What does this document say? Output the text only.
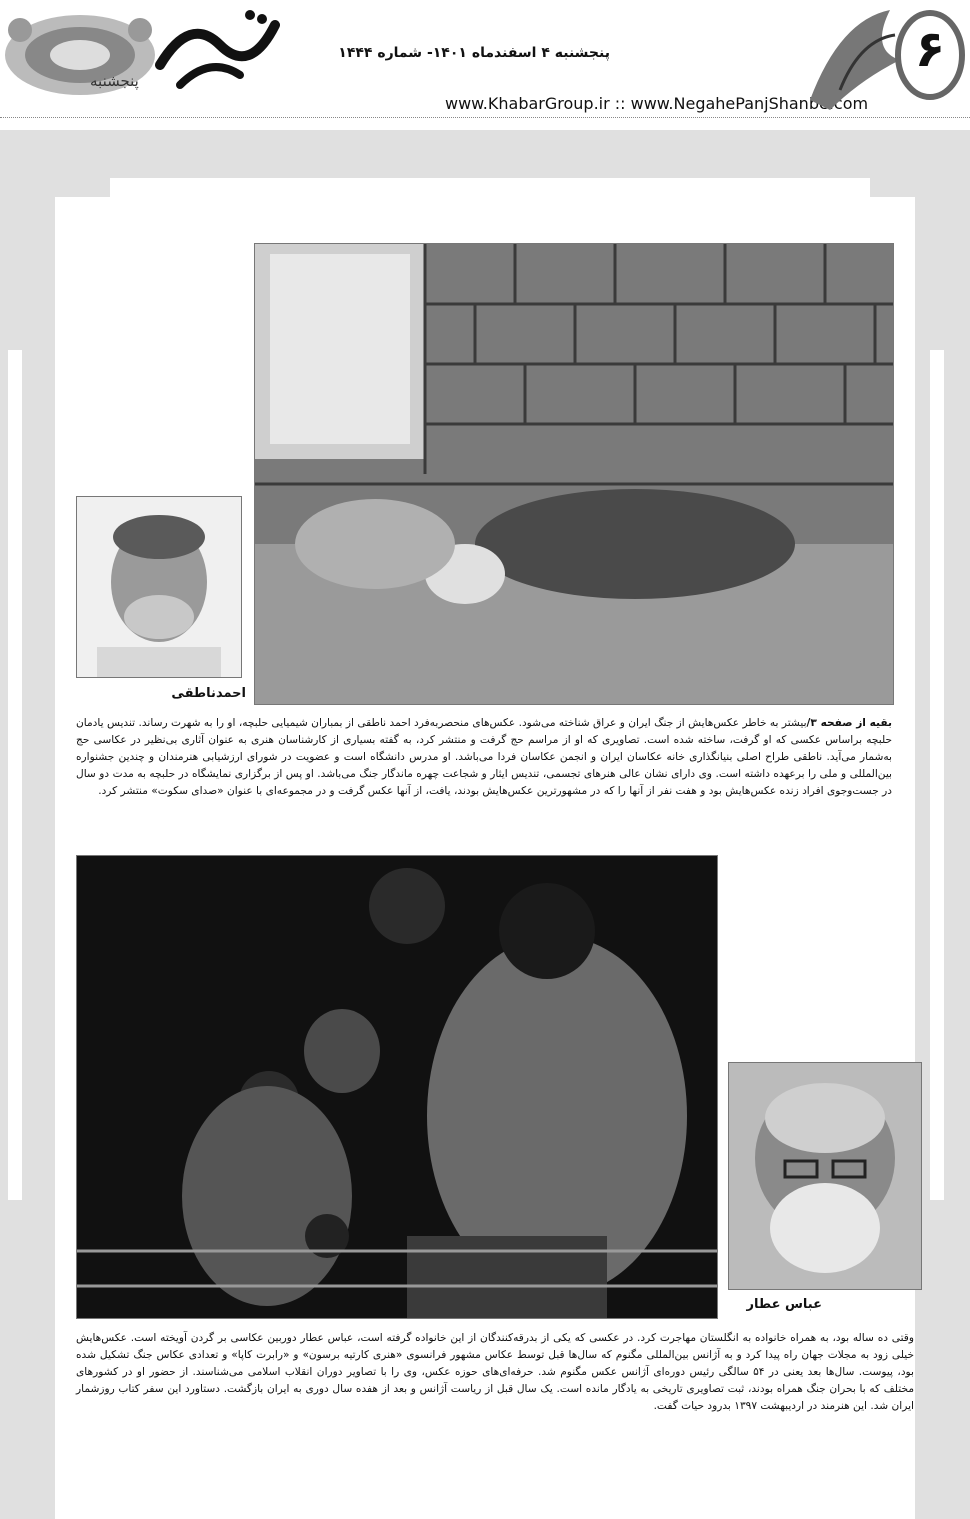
پنجشنبه
پنجشنبه ۴ اسفندماه ۱۴۰۱- شماره ۱۴۴۴
www.KhabarGroup.ir :: www.NegahePanjShanbe.com
۶
احمدناطقی
بقیه از صفحه ۳/بیشتر به خاطر عکس‌هایش از جنگ ایران و عراق شناخته می‌شود. عکس‌های منحصربه‌فرد احمد ناطقی از بمباران شیمیایی حلبچه، او را به شهرت رساند. تندیس یادمان حلبچه براساس عکسی که او گرفت، ساخته شده است. تصاویری که او از مراسم حج گرفت و منتشر کرد، به گفته بسیاری از کارشناسان هنری به عنوان آثاری بی‌نظیر در عکاسی حج به‌شمار می‌آید. ناطقی طراح اصلی بنیانگذاری خانه عکاسان ایران و انجمن عکاسان فردا می‌باشد. او مدرس دانشگاه است و عضویت در شورای ارزشیابی هنرمندان و چندین جشنواره بین‌المللی و ملی را برعهده داشته است. وی دارای نشان عالی هنرهای تجسمی، تندیس ایثار و شجاعت چهره ماندگار جنگ می‌باشد. او پس از برگزاری نمایشگاه در حلبچه به مدت دو سال در جست‌وجوی افراد زنده عکس‌هایش بود و هفت نفر از آنها را که در مشهورترین عکس‌هایش بودند، یافت، از آنها عکس گرفت و در مجموعه‌ای با عنوان «صدای سکوت» منتشر کرد.
عباس عطار
وقتی ده ساله بود، به همراه خانواده به انگلستان مهاجرت کرد. در عکسی که یکی از بدرقه‌کنندگان از این خانواده گرفته است، عباس عطار دوربین عکاسی بر گردن آویخته است. عکس‌هایش خیلی زود به مجلات جهان راه پیدا کرد و به آژانس بین‌المللی مگنوم که سال‌ها قبل توسط عکاس مشهور فرانسوی «هنری کارتیه برسون» و «رابرت کاپا» و تعدادی عکاس جنگ تشکیل شده بود، پیوست. سال‌ها بعد یعنی در ۵۴ سالگی رئیس دوره‌ای آژانس عکس مگنوم شد. حرفه‌ای‌های حوزه عکس، وی را با تصاویر دوران انقلاب اسلامی می‌شناسند. از حضور او در کشورهای مختلف که با بحران جنگ همراه بودند، ثبت تصاویری تاریخی به یادگار مانده است. یک سال قبل از ریاست آژانس و بعد از هفده سال دوری به ایران بازگشت. دستاورد این سفر کتاب روزشمار ایران شد. این هنرمند در اردیبهشت ۱۳۹۷ بدرود حیات گفت.
